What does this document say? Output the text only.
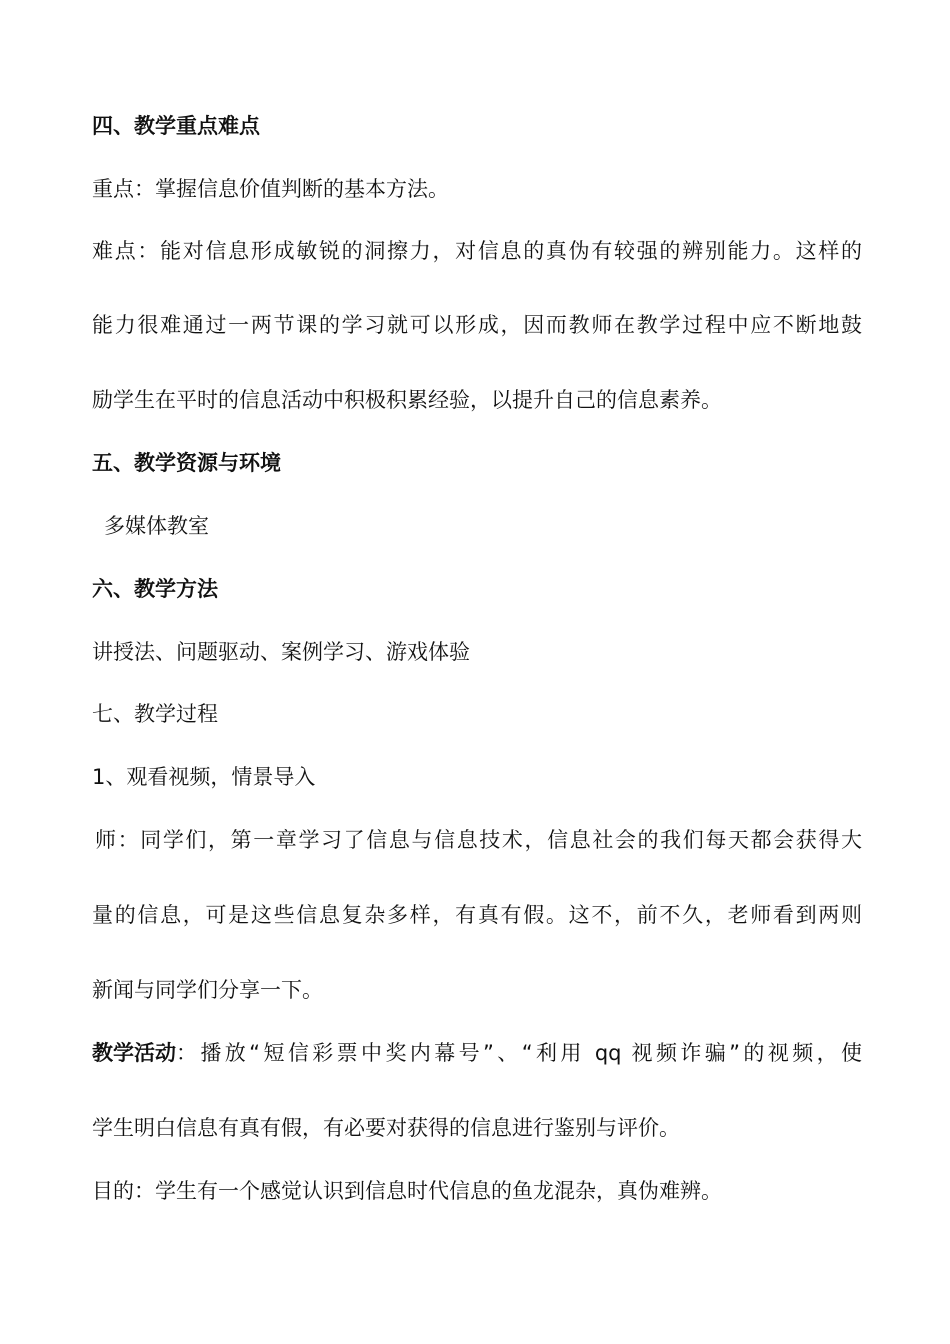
四、教学重点难点
重点：掌握信息价值判断的基本方法。
难点：能对信息形成敏锐的洞擦力，对信息的真伪有较强的辨别能力。这样的
能力很难通过一两节课的学习就可以形成，因而教师在教学过程中应不断地鼓
励学生在平时的信息活动中积极积累经验，以提升自己的信息素养。
五、教学资源与环境
多媒体教室
六、教学方法
讲授法、问题驱动、案例学习、游戏体验
七、教学过程
1、观看视频，情景导入
师：同学们，第一章学习了信息与信息技术，信息社会的我们每天都会获得大
量的信息，可是这些信息复杂多样，有真有假。这不，前不久，老师看到两则
新闻与同学们分享一下。
教学活动 ：播放“短信彩票中奖内幕号”、“利用 qq 视频诈骗”的视频，使
学生明白信息有真有假，有必要对获得的信息进行鉴别与评价。
目的：学生有一个感觉认识到信息时代信息的鱼龙混杂，真伪难辨。
